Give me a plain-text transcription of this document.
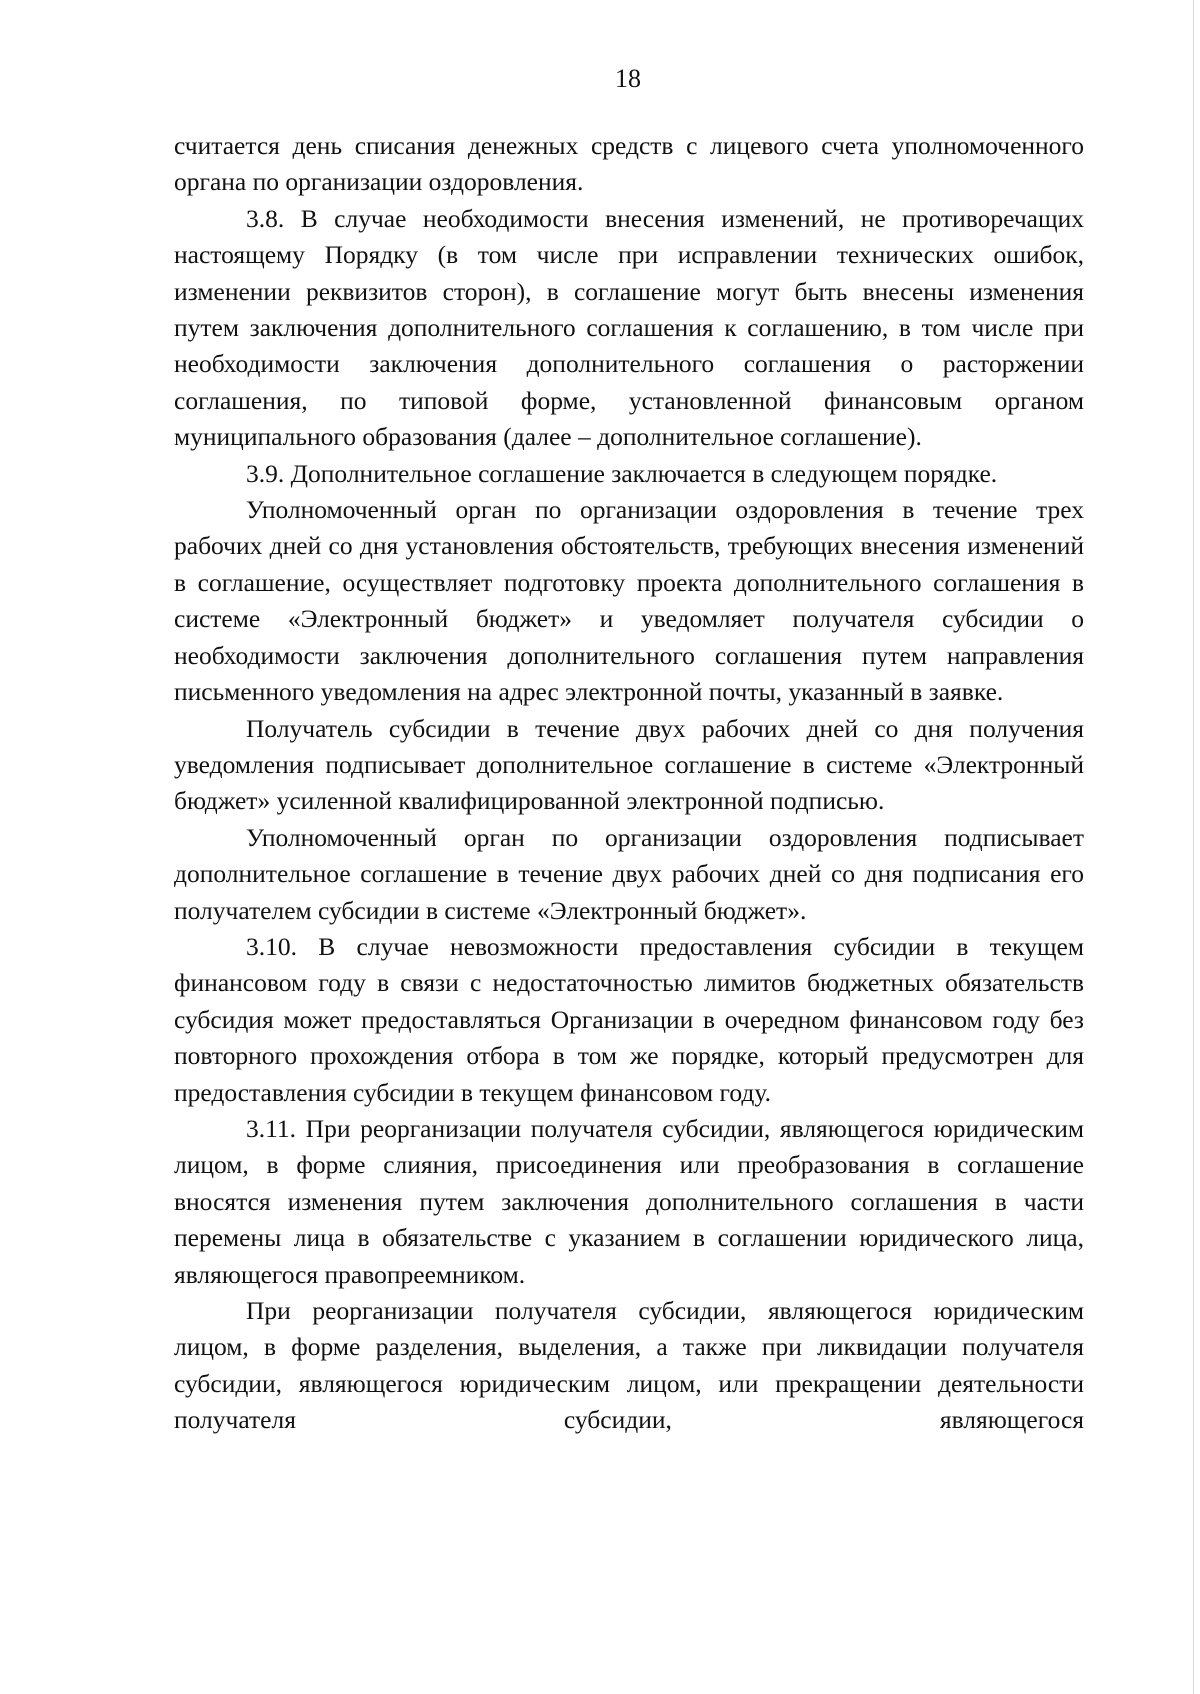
18

считается день списания денежных средств с лицевого счета уполномоченного органа по организации оздоровления.

3.8. В случае необходимости внесения изменений, не противоречащих настоящему Порядку (в том числе при исправлении технических ошибок, изменении реквизитов сторон), в соглашение могут быть внесены изменения путем заключения дополнительного соглашения к соглашению, в том числе при необходимости заключения дополнительного соглашения о расторжении соглашения, по типовой форме, установленной финансовым органом муниципального образования (далее – дополнительное соглашение).

3.9. Дополнительное соглашение заключается в следующем порядке.

Уполномоченный орган по организации оздоровления в течение трех рабочих дней со дня установления обстоятельств, требующих внесения изменений в соглашение, осуществляет подготовку проекта дополнительного соглашения в системе «Электронный бюджет» и уведомляет получателя субсидии о необходимости заключения дополнительного соглашения путем направления письменного уведомления на адрес электронной почты, указанный в заявке.

Получатель субсидии в течение двух рабочих дней со дня получения уведомления подписывает дополнительное соглашение в системе «Электронный бюджет» усиленной квалифицированной электронной подписью.

Уполномоченный орган по организации оздоровления подписывает дополнительное соглашение в течение двух рабочих дней со дня подписания его получателем субсидии в системе «Электронный бюджет».

3.10. В случае невозможности предоставления субсидии в текущем финансовом году в связи с недостаточностью лимитов бюджетных обязательств субсидия может предоставляться Организации в очередном финансовом году без повторного прохождения отбора в том же порядке, который предусмотрен для предоставления субсидии в текущем финансовом году.

3.11. При реорганизации получателя субсидии, являющегося юридическим лицом, в форме слияния, присоединения или преобразования в соглашение вносятся изменения путем заключения дополнительного соглашения в части перемены лица в обязательстве с указанием в соглашении юридического лица, являющегося правопреемником.

При реорганизации получателя субсидии, являющегося юридическим лицом, в форме разделения, выделения, а также при ликвидации получателя субсидии, являющегося юридическим лицом, или прекращении деятельности получателя субсидии, являющегося
